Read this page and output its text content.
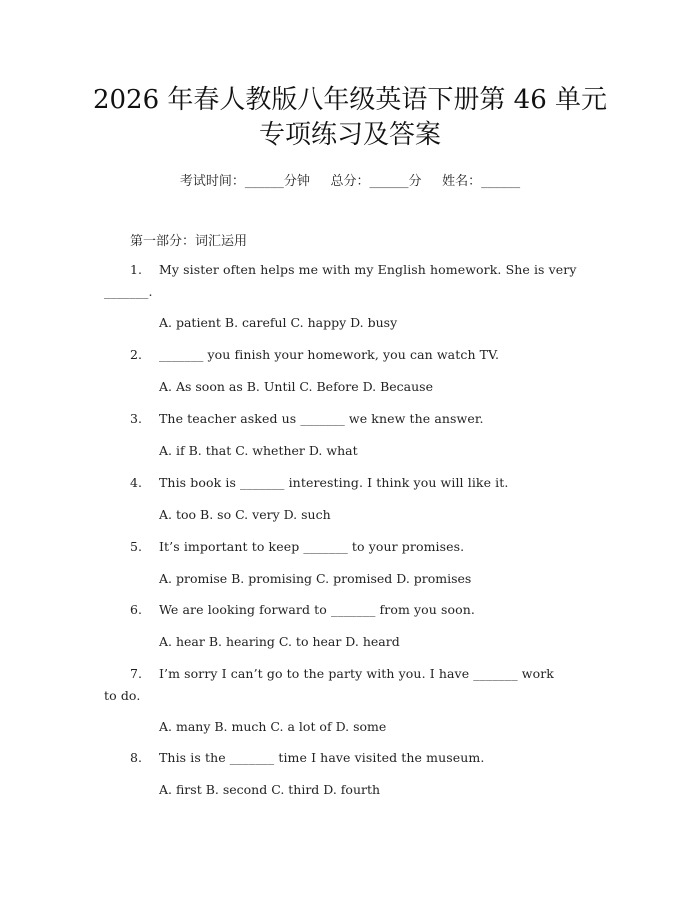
2026 年春人教版八年级英语下册第 46 单元
专项练习及答案
考试时间：______分钟     总分：______分     姓名：______
第一部分：词汇运用
1. My sister often helps me with my English homework. She is very
_______.
A. patient B. careful C. happy D. busy
2. _______ you finish your homework, you can watch TV.
A. As soon as B. Until C. Before D. Because
3. The teacher asked us _______ we knew the answer.
A. if B. that C. whether D. what
4. This book is _______ interesting. I think you will like it.
A. too B. so C. very D. such
5. It’s important to keep _______ to your promises.
A. promise B. promising C. promised D. promises
6. We are looking forward to _______ from you soon.
A. hear B. hearing C. to hear D. heard
7. I’m sorry I can’t go to the party with you. I have _______ work
to do.
A. many B. much C. a lot of D. some
8. This is the _______ time I have visited the museum.
A. first B. second C. third D. fourth
